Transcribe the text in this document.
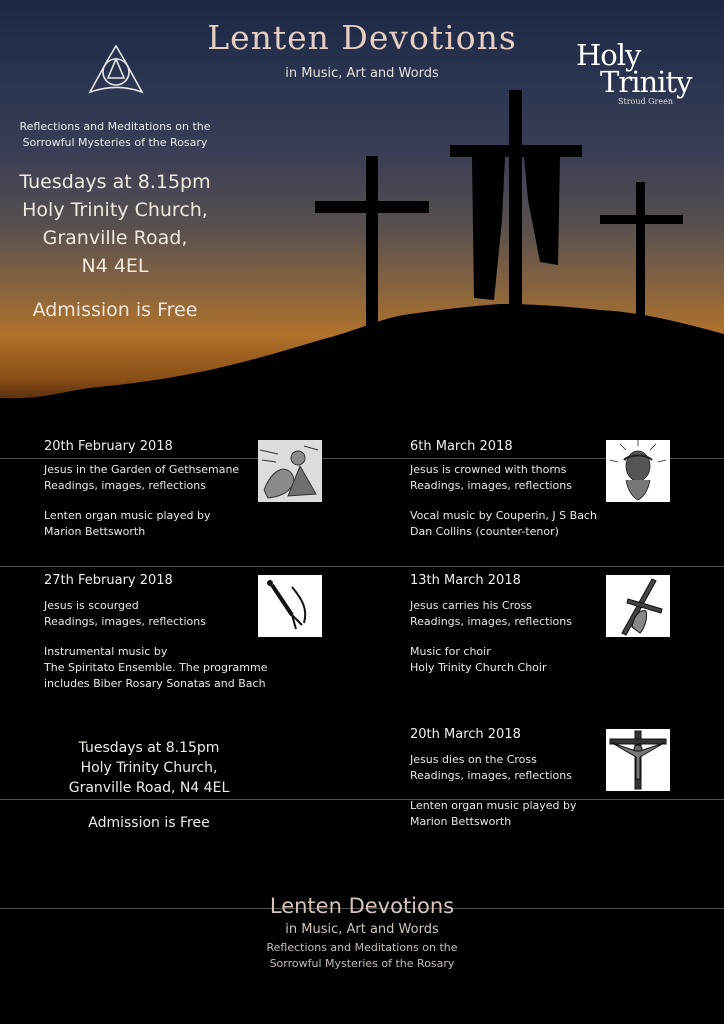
Lenten Devotions
in Music, Art and Words
Holy
Trinity
Stroud Green
Reflections and Meditations on the
Sorrowful Mysteries of the Rosary
Tuesdays at 8.15pm
Holy Trinity Church,
Granville Road,
N4 4EL
Admission is Free
20th February 2018
Jesus in the Garden of Gethsemane
Readings, images, reflections
Lenten organ music played by
Marion Bettsworth
6th March 2018
Jesus is crowned with thorns
Readings, images, reflections
Vocal music by Couperin, J S Bach
Dan Collins (counter-tenor)
27th February 2018
Jesus is scourged
Readings, images, reflections
Instrumental music by
The Spiritato Ensemble. The programme
includes Biber Rosary Sonatas and Bach
13th March 2018
Jesus carries his Cross
Readings, images, reflections
Music for choir
Holy Trinity Church Choir
Tuesdays at 8.15pm
Holy Trinity Church,
Granville Road, N4 4EL
Admission is Free
20th March 2018
Jesus dies on the Cross
Readings, images, reflections
Lenten organ music played by
Marion Bettsworth
Lenten Devotions
in Music, Art and Words
Reflections and Meditations on the
Sorrowful Mysteries of the Rosary
